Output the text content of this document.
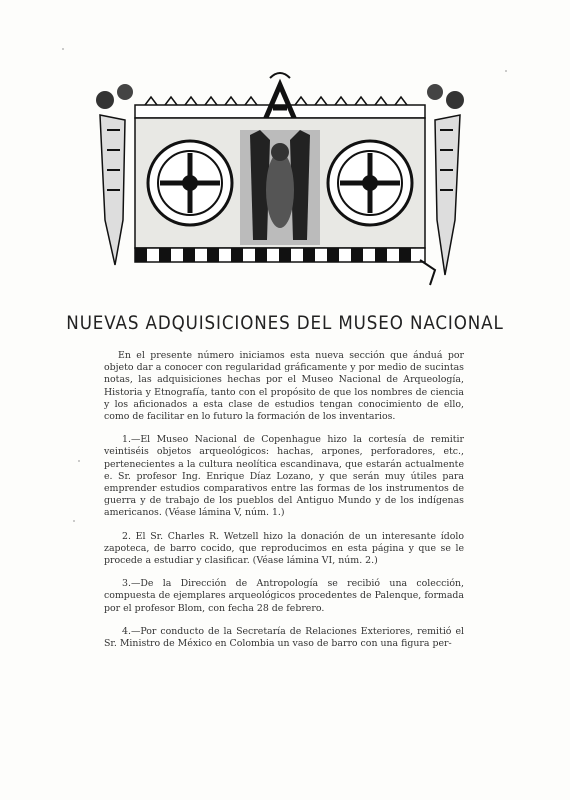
NUEVAS ADQUISICIONES DEL MUSEO NACIONAL

En el presente número iniciamos esta nueva sección que ánduá por objeto dar a conocer con regularidad gráficamente y por medio de sucintas notas, las adquisiciones hechas por el Museo Nacional de Arqueología, Historia y Etnografía, tanto con el propósito de que los nombres de ciencia y los aficionados a esta clase de estudios tengan conocimiento de ello, como de facilitar en lo futuro la formación de los inventarios.

1.—El Museo Nacional de Copenhague hizo la cortesía de remitir veintiséis objetos arqueológicos: hachas, arpones, perforadores, etc., pertenecientes a la cultura neolítica escandinava, que estarán actualmente e. Sr. profesor Ing. Enrique Díaz Lozano, y que serán muy útiles para emprender estudios comparativos entre las formas de los instrumentos de guerra y de trabajo de los pueblos del Antiguo Mundo y de los indígenas americanos. (Véase lámina V, núm. 1.)

2. El Sr. Charles R. Wetzell hizo la donación de un interesante ídolo zapoteca, de barro cocido, que reproducimos en esta página y que se le procede a estudiar y clasificar. (Véase lámina VI, núm. 2.)

3.—De la Dirección de Antropología se recibió una colección, compuesta de ejemplares arqueológicos procedentes de Palenque, formada por el profesor Blom, con fecha 28 de febrero.

4.—Por conducto de la Secretaría de Relaciones Exteriores, remitió el Sr. Ministro de México en Colombia un vaso de barro con una figura per-
